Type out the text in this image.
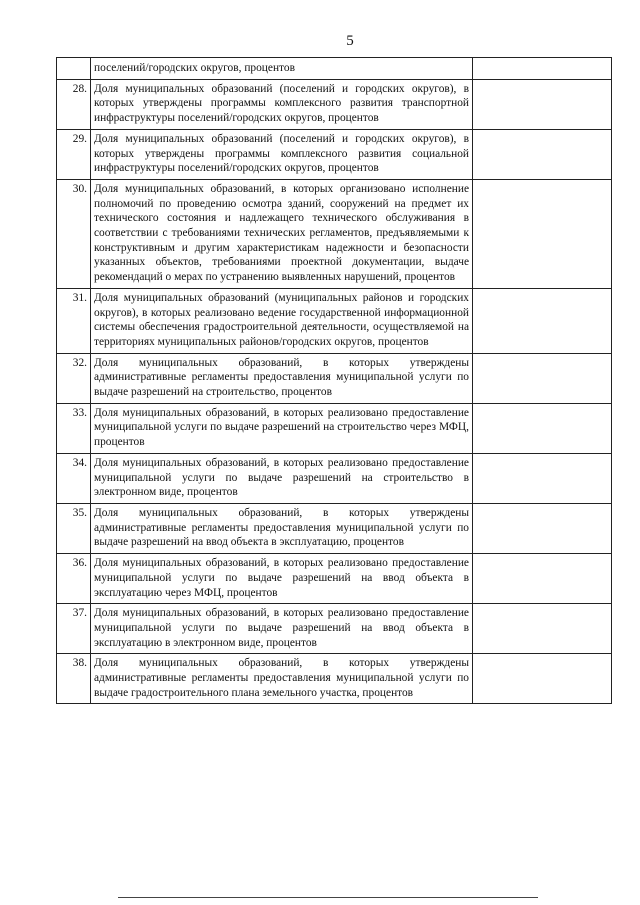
5
	поселений/городских округов, процентов	
28.	Доля муниципальных образований (поселений и городских округов), в которых утверждены программы комплексного развития транспортной инфраструктуры поселений/городских округов, процентов	
29.	Доля муниципальных образований (поселений и городских округов), в которых утверждены программы комплексного развития социальной инфраструктуры поселений/городских округов, процентов	
30.	Доля муниципальных образований, в которых организовано исполнение полномочий по проведению осмотра зданий, сооружений на предмет их технического состояния и надлежащего технического обслуживания в соответствии с требованиями технических регламентов, предъявляемыми к конструктивным и другим характеристикам надежности и безопасности указанных объектов, требованиями проектной документации, выдаче рекомендаций о мерах по устранению выявленных нарушений, процентов	
31.	Доля муниципальных образований (муниципальных районов и городских округов), в которых реализовано ведение государственной информационной системы обеспечения градостроительной деятельности, осуществляемой на территориях муниципальных районов/городских округов, процентов	
32.	Доля муниципальных образований, в которых утверждены административные регламенты предоставления муниципальной услуги по выдаче разрешений на строительство, процентов	
33.	Доля муниципальных образований, в которых реализовано предоставление муниципальной услуги по выдаче разрешений на строительство через МФЦ, процентов	
34.	Доля муниципальных образований, в которых реализовано предоставление муниципальной услуги по выдаче разрешений на строительство в электронном виде, процентов	
35.	Доля муниципальных образований, в которых утверждены административные регламенты предоставления муниципальной услуги по выдаче разрешений на ввод объекта в эксплуатацию, процентов	
36.	Доля муниципальных образований, в которых реализовано предоставление муниципальной услуги по выдаче разрешений на ввод объекта в эксплуатацию через МФЦ, процентов	
37.	Доля муниципальных образований, в которых реализовано предоставление муниципальной услуги по выдаче разрешений на ввод объекта в эксплуатацию в электронном виде, процентов	
38.	Доля муниципальных образований, в которых утверждены административные регламенты предоставления муниципальной услуги по выдаче градостроительного плана земельного участка, процентов	
